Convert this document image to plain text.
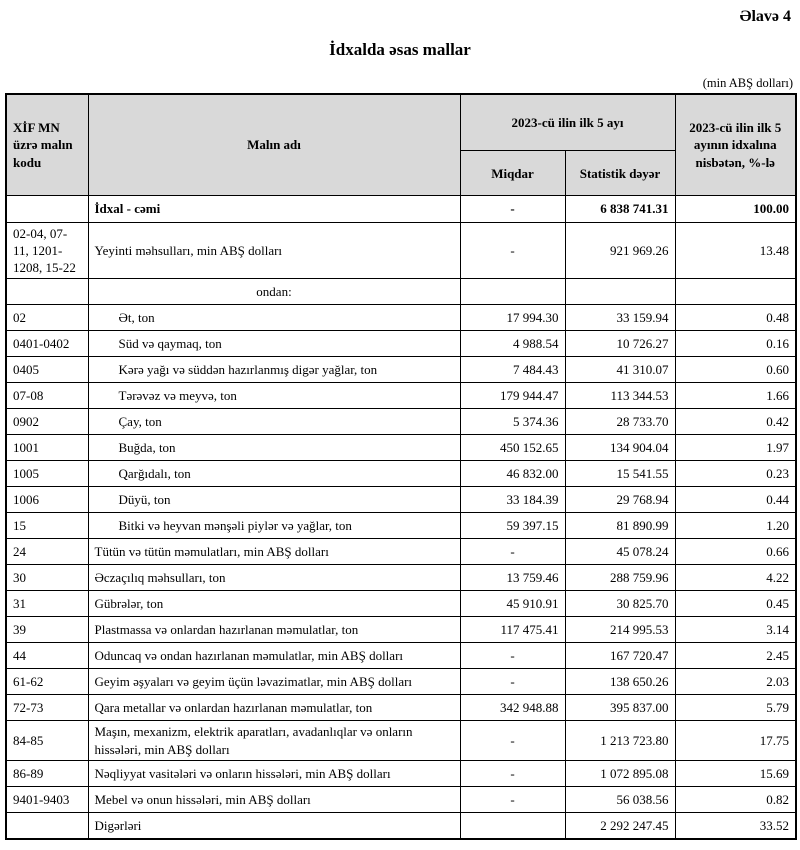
Əlavə 4
İdxalda əsas mallar
(min ABŞ dolları)
XİF MN üzrə malın kodu	Malın adı	2023-cü ilin ilk 5 ayı		2023-cü ilin ilk 5 ayının idxalına nisbətən, %-lə
		Miqdar	Statistik dəyər	
	İdxal - cəmi	-	6 838 741.31	100.00
02-04, 07-11, 1201-1208, 15-22	Yeyinti məhsulları, min ABŞ dolları	-	921 969.26	13.48
	ondan:			
02	Ət, ton	17 994.30	33 159.94	0.48
0401-0402	Süd və qaymaq, ton	4 988.54	10 726.27	0.16
0405	Kərə yağı və süddən hazırlanmış digər yağlar, ton	7 484.43	41 310.07	0.60
07-08	Tərəvəz və meyvə, ton	179 944.47	113 344.53	1.66
0902	Çay, ton	5 374.36	28 733.70	0.42
1001	Buğda, ton	450 152.65	134 904.04	1.97
1005	Qarğıdalı, ton	46 832.00	15 541.55	0.23
1006	Düyü, ton	33 184.39	29 768.94	0.44
15	Bitki və heyvan mənşəli piylər və yağlar, ton	59 397.15	81 890.99	1.20
24	Tütün və tütün məmulatları, min ABŞ dolları	-	45 078.24	0.66
30	Əczaçılıq məhsulları, ton	13 759.46	288 759.96	4.22
31	Gübrələr, ton	45 910.91	30 825.70	0.45
39	Plastmassa və onlardan hazırlanan məmulatlar, ton	117 475.41	214 995.53	3.14
44	Oduncaq və ondan hazırlanan məmulatlar, min ABŞ dolları	-	167 720.47	2.45
61-62	Geyim əşyaları və geyim üçün ləvazimatlar, min ABŞ dolları	-	138 650.26	2.03
72-73	Qara metallar və onlardan hazırlanan məmulatlar, ton	342 948.88	395 837.00	5.79
84-85	Maşın, mexanizm, elektrik aparatları, avadanlıqlar və onların hissələri, min ABŞ dolları	-	1 213 723.80	17.75
86-89	Nəqliyyat vasitələri və onların hissələri, min ABŞ dolları	-	1 072 895.08	15.69
9401-9403	Mebel və onun hissələri, min ABŞ dolları	-	56 038.56	0.82
	Digərləri		2 292 247.45	33.52
